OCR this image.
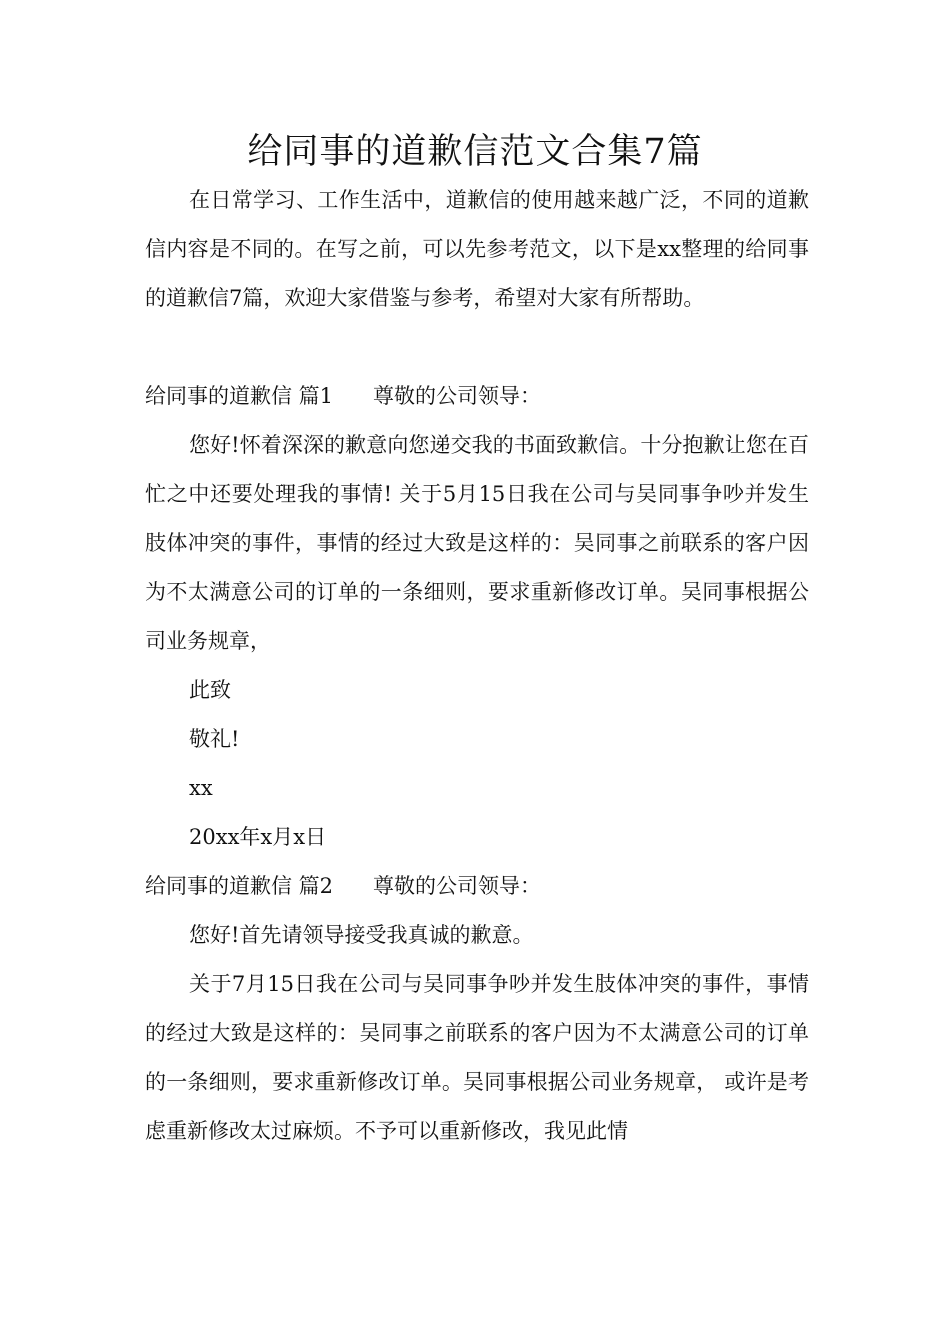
给同事的道歉信范文合集7篇

在日常学习、工作生活中，道歉信的使用越来越广泛，不同的道歉信内容是不同的。在写之前，可以先参考范文，以下是xx整理的给同事的道歉信7篇，欢迎大家借鉴与参考，希望对大家有所帮助。

给同事的道歉信 篇1 尊敬的公司领导：

您好!怀着深深的歉意向您递交我的书面致歉信。十分抱歉让您在百忙之中还要处理我的事情! 关于5月15日我在公司与吴同事争吵并发生肢体冲突的事件，事情的经过大致是这样的：吴同事之前联系的客户因为不太满意公司的订单的一条细则，要求重新修改订单。吴同事根据公司业务规章，

此致

敬礼!

xx

20xx年x月x日

给同事的道歉信 篇2 尊敬的公司领导：

您好!首先请领导接受我真诚的歉意。

关于7月15日我在公司与吴同事争吵并发生肢体冲突的事件，事情的经过大致是这样的：吴同事之前联系的客户因为不太满意公司的订单的一条细则，要求重新修改订单。吴同事根据公司业务规章， 或许是考虑重新修改太过麻烦。不予可以重新修改，我见此情
